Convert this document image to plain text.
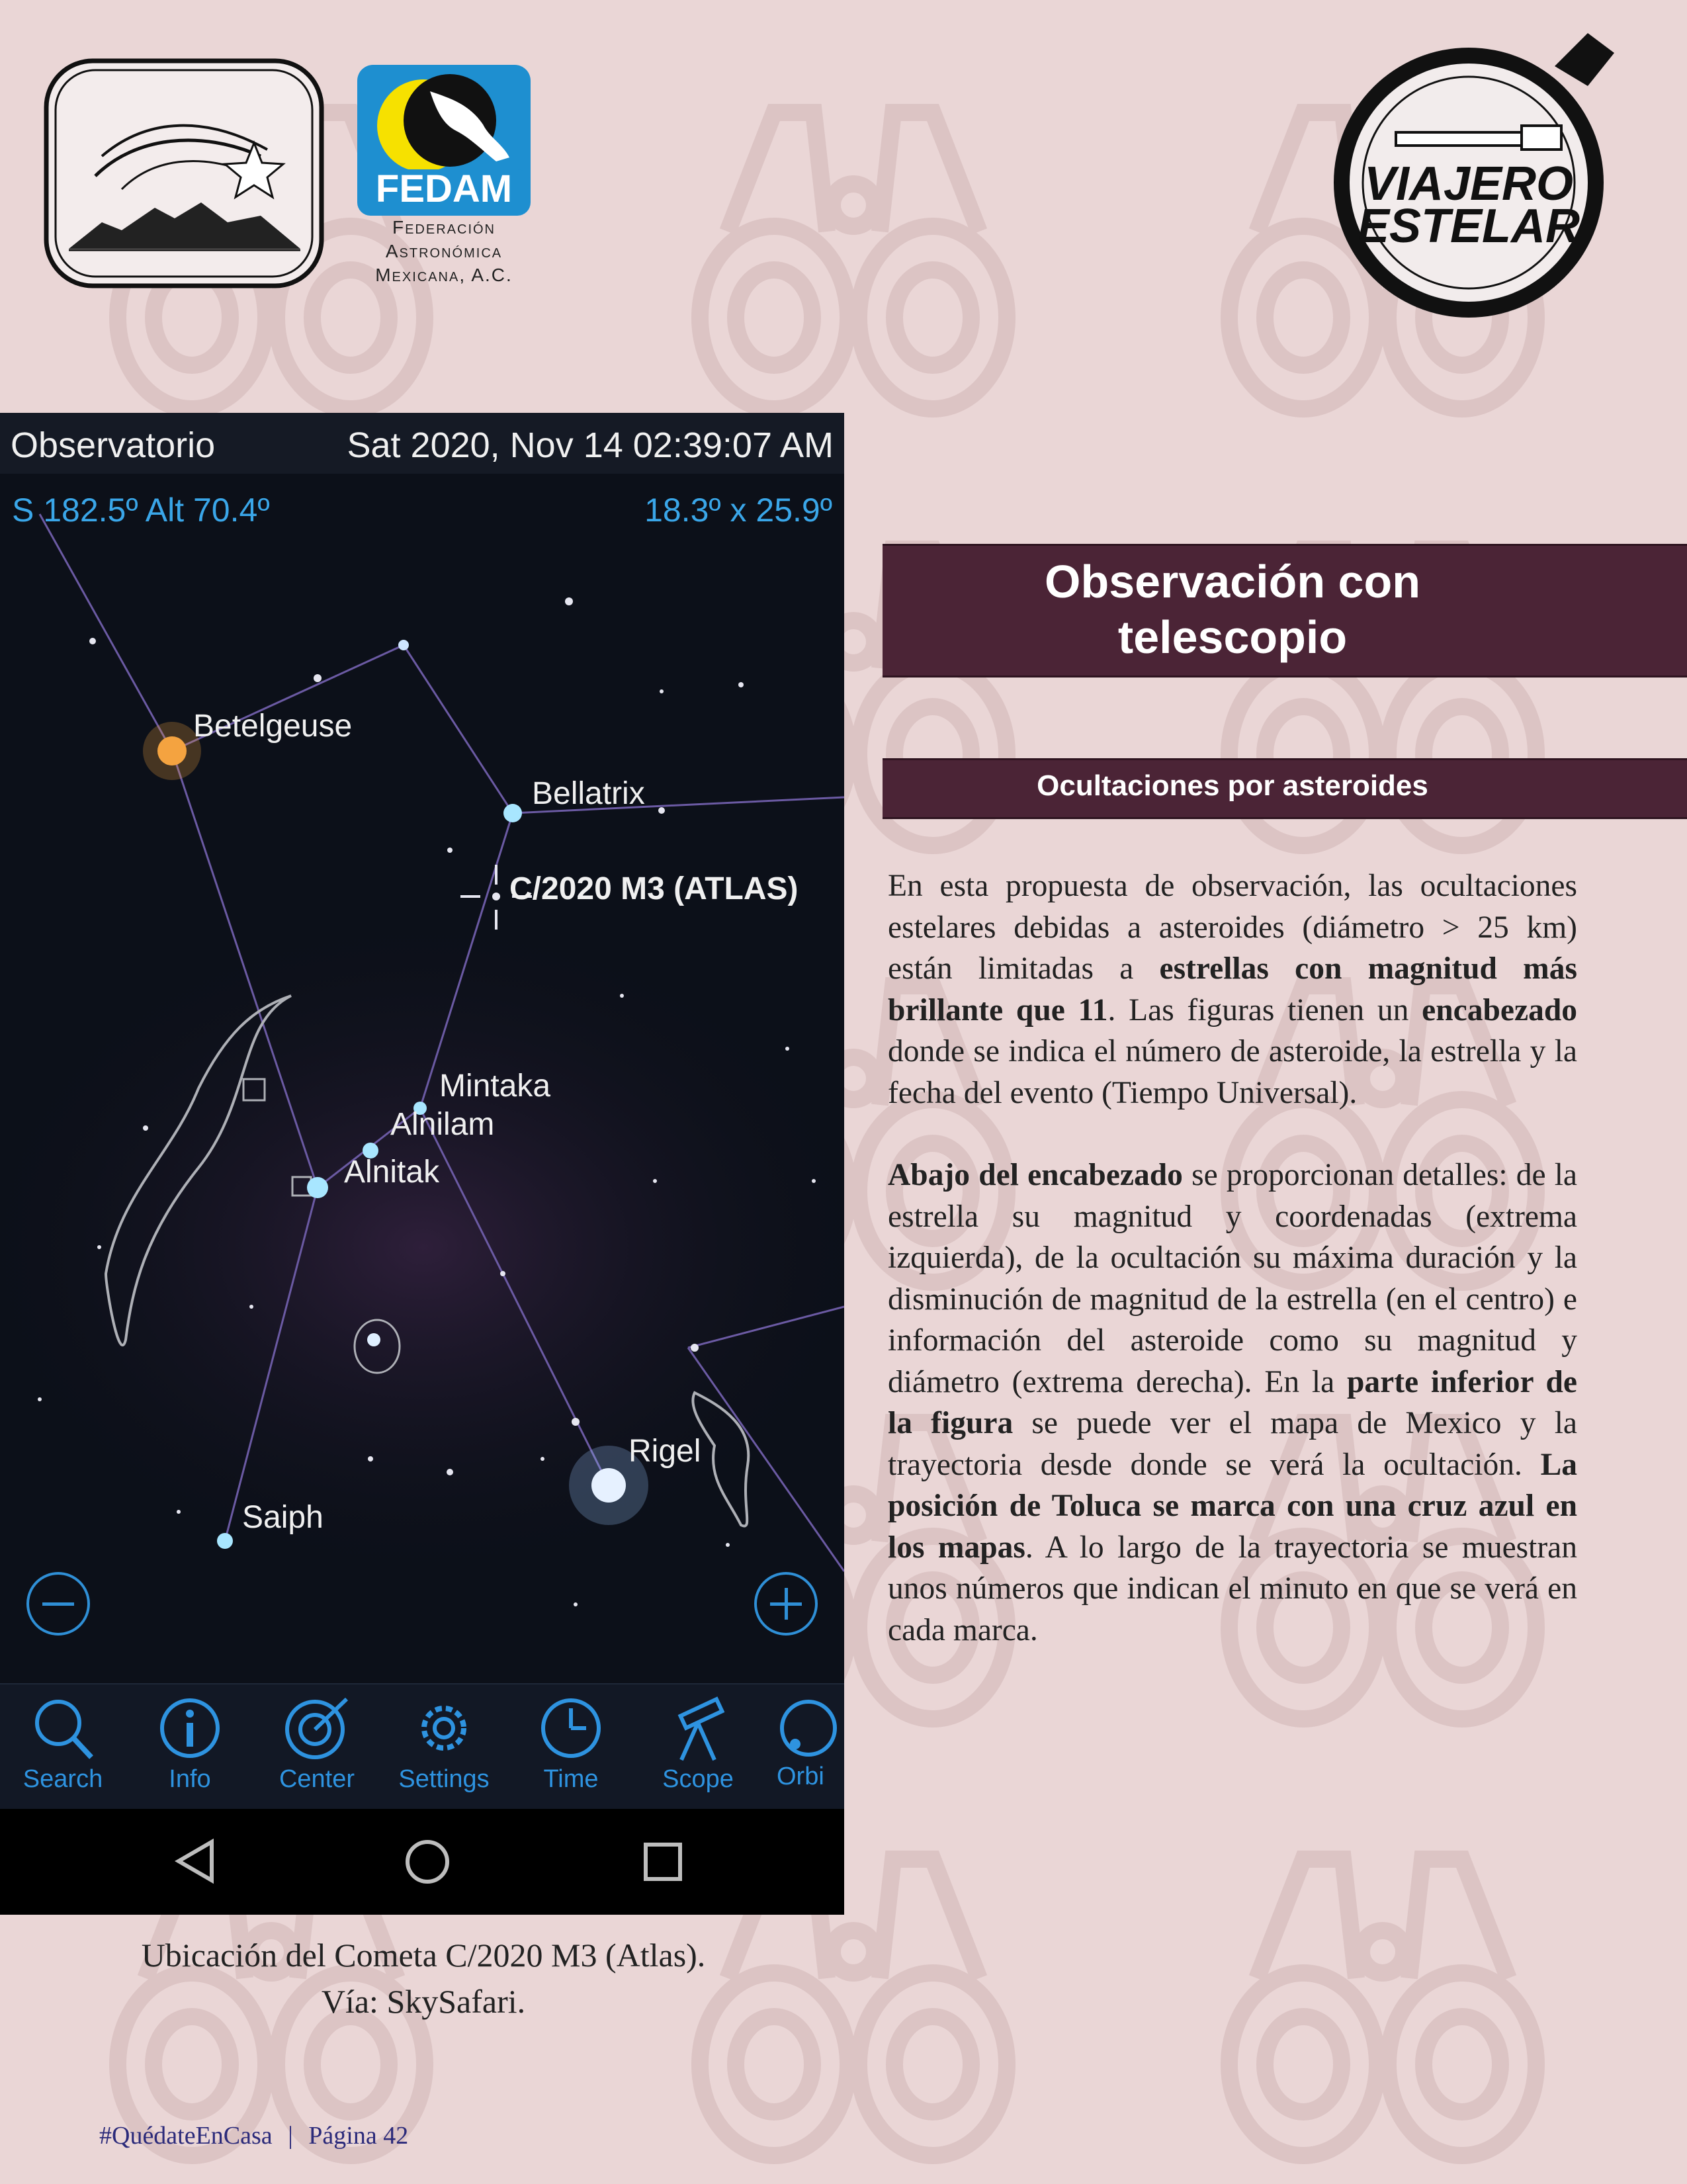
FEDAM
Federación
Astronómica
Mexicana, A.C.
VIAJERO
ESTELAR
Observatorio	Sat 2020, Nov 14 02:39:07 AM
Betelgeuse
Bellatrix
C/2020 M3 (ATLAS)
Mintaka
Alnilam
Alnitak
Rigel
Saiph
S 182.5º Alt 70.4º	18.3º x 25.9º
Search	Info	Center	Settings	Time	Scope	Orbi
Ubicación del Cometa C/2020 M3 (Atlas).
Vía: SkySafari.
Observación con
telescopio
Ocultaciones por asteroides

En esta propuesta de observación, las ocultaciones estelares debidas a asteroides (diámetro > 25 km) están limitadas a estrellas con magnitud más brillante que 11. Las figuras tienen un encabezado donde se indica el número de asteroide, la estrella y la fecha del evento (Tiempo Universal).

Abajo del encabezado se proporcionan detalles: de la estrella su magnitud y coordenadas (extrema izquierda), de la ocultación su máxima duración y la disminución de magnitud de la estrella (en el centro) e información del asteroide como su magnitud y diámetro (extrema derecha). En la parte inferior de la figura se puede ver el mapa de Mexico y la trayectoria desde donde se verá la ocultación. La posición de Toluca se marca con una cruz azul en los mapas. A lo largo de la trayectoria se muestran unos números que indican el minuto en que se verá en cada marca.

#QuédateEnCasa | Página 42
